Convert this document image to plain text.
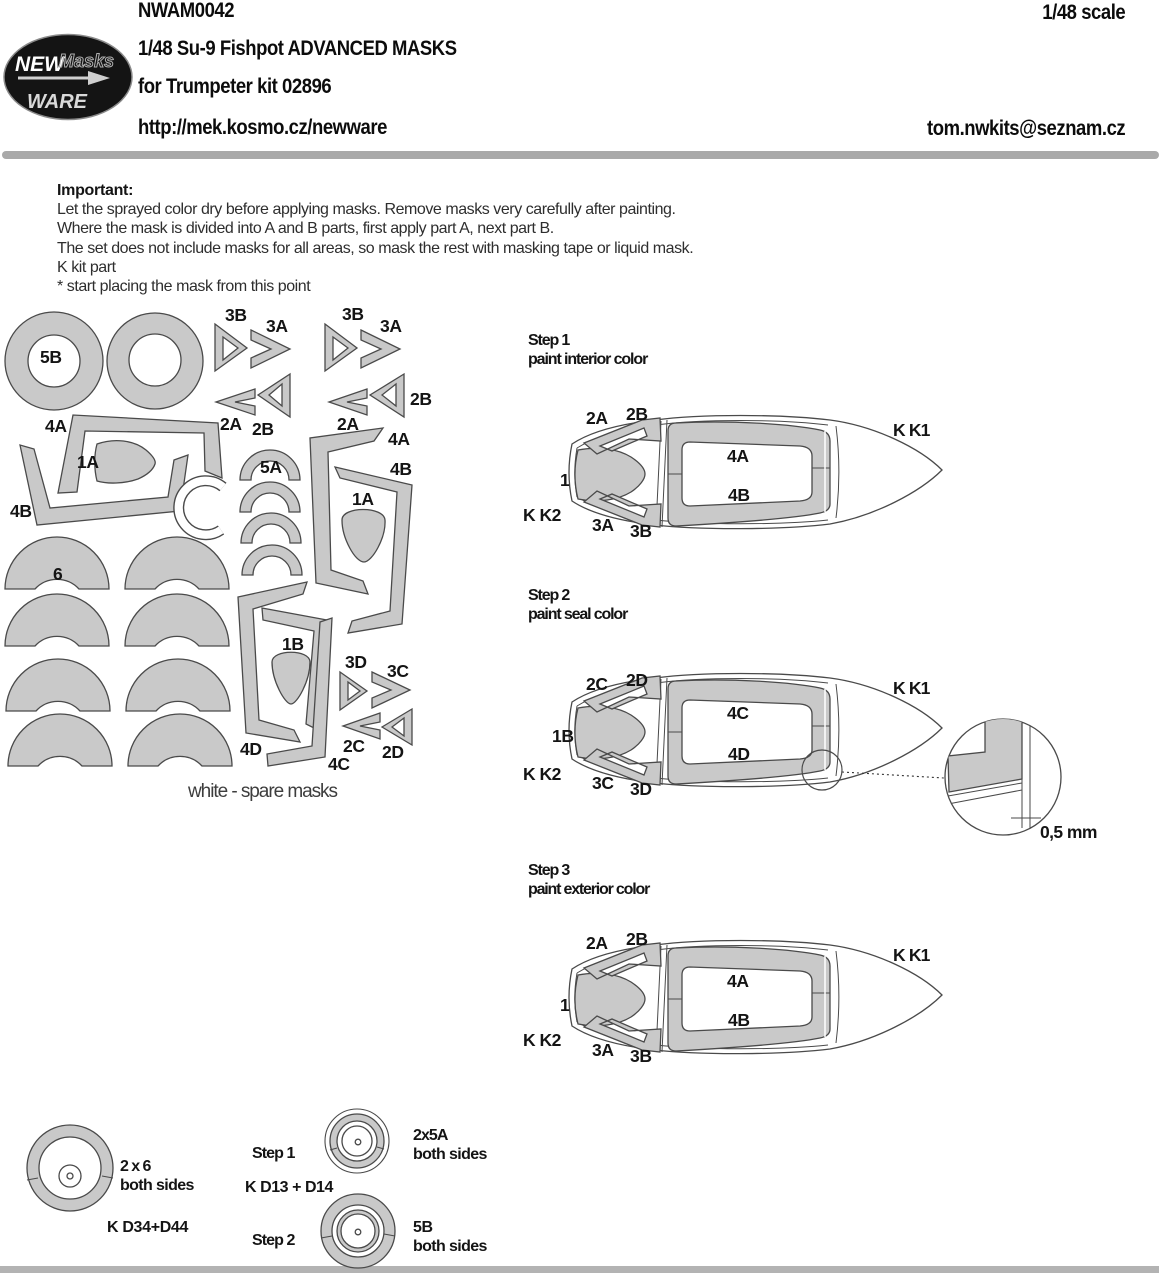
NEW
Masks
WARE
NWAM0042
1/48 Su-9 Fishpot ADVANCED MASKS
for Trumpeter kit 02896
http://mek.kosmo.cz/newware
1/48 scale
tom.nwkits@seznam.cz
Important:
Let the sprayed color dry before applying masks. Remove masks very carefully after painting.
Where the mask is divided into A and B parts, first apply part A, next part B.
The set does not include masks for all areas, so mask the rest with masking tape or liquid mask.
K kit part
* start placing the mask from this point
5B
3B
3A
3B
3A
2A 2B	2A
2B
4A
1A
4B
5A
6
4A
4B
1A
1B
3D 3C
2C 2D
4D
4C
white - spare masks
Step 1
paint interior color
2A 2B
K K1
1
4A
4B
K K2 3A 3B
Step 2
paint seal color
2C 2D	K K1
1B
4C
4D
K K2 3C 3D
0,5 mm
Step 3
paint exterior color
2A 2B
K K1
1
4A
4B
K K2 3A 3B
2 x 6
both sides
K D34+D44
Step 1
K D13 + D14
2x5A
both sides
Step 2
5B
both sides
